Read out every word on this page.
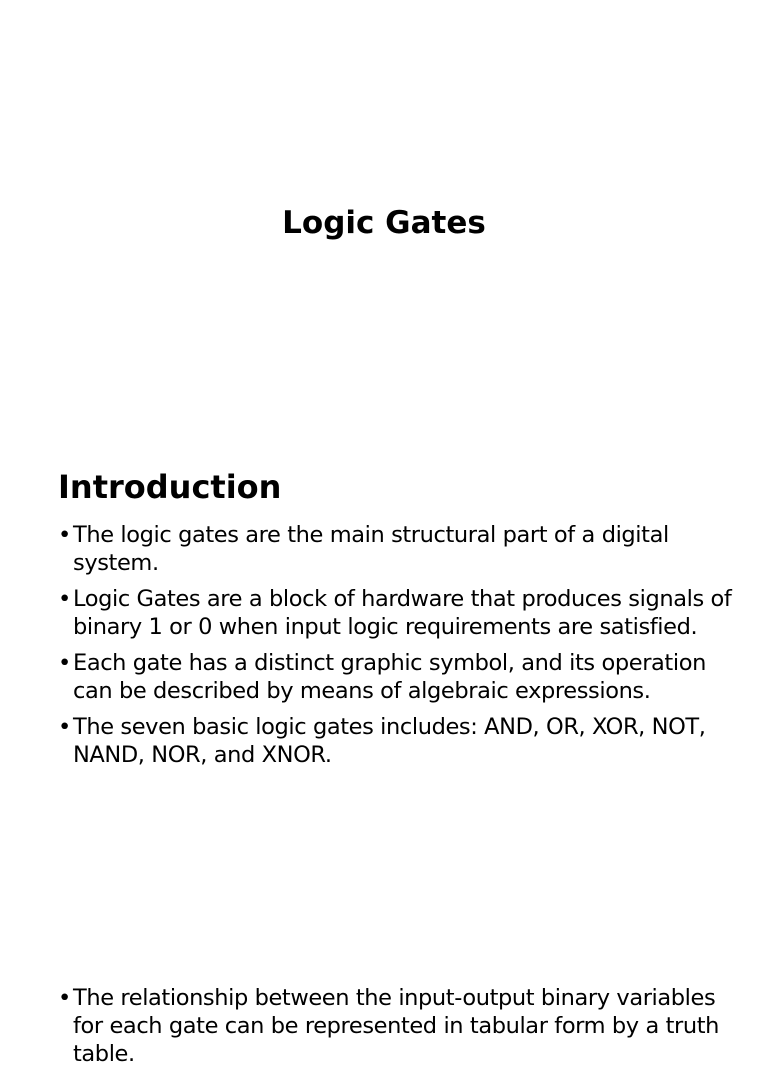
Logic Gates
Introduction
• The logic gates are the main structural part of a digital system.
• Logic Gates are a block of hardware that produces signals of binary 1 or 0 when input logic requirements are satisfied.
• Each gate has a distinct graphic symbol, and its operation can be described by means of algebraic expressions.
• The seven basic logic gates includes: AND, OR, XOR, NOT, NAND, NOR, and XNOR.
• The relationship between the input-output binary variables for each gate can be represented in tabular form by a truth table.
